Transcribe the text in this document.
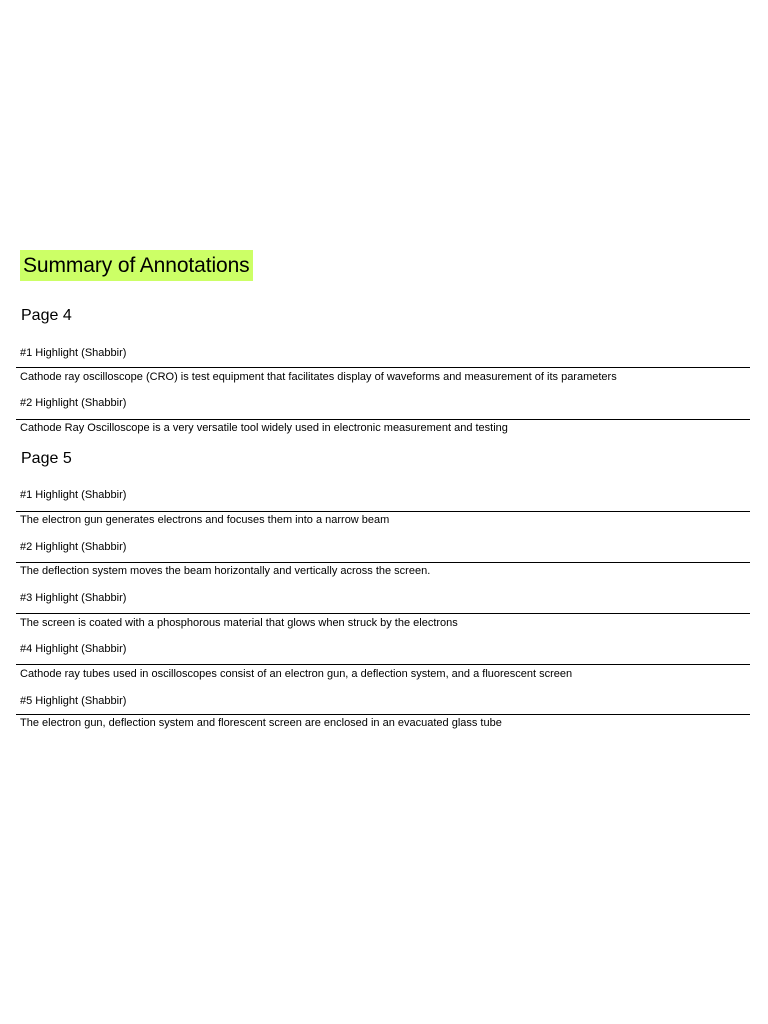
Summary of Annotations
Page 4

#1 Highlight (Shabbir)

Cathode ray oscilloscope (CRO) is test equipment that facilitates display of waveforms and measurement of its parameters

#2 Highlight (Shabbir)

Cathode Ray Oscilloscope is a very versatile tool widely used in electronic measurement and testing

Page 5

#1 Highlight (Shabbir)

The electron gun generates electrons and focuses them into a narrow beam

#2 Highlight (Shabbir)

The deflection system moves the beam horizontally and vertically across the screen.

#3 Highlight (Shabbir)

The screen is coated with a phosphorous material that glows when struck by the electrons

#4 Highlight (Shabbir)

Cathode ray tubes used in oscilloscopes consist of an electron gun, a deflection system, and a fluorescent screen

#5 Highlight (Shabbir)

The electron gun, deflection system and florescent screen are enclosed in an evacuated glass tube
